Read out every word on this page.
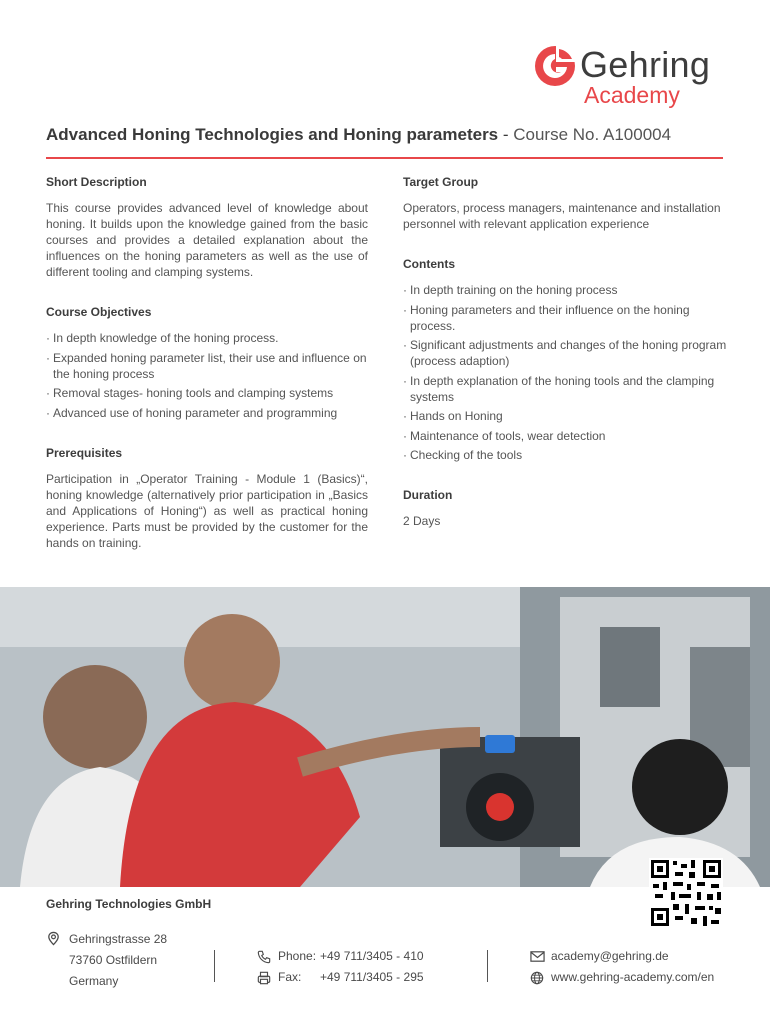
Gehring
Academy
Advanced Honing Technologies and Honing parameters - Course No. A100004
Short Description

This course provides advanced level of knowledge about honing. It builds upon the knowledge gained from the basic courses and provides a detailed explanation about the influences on the honing parameters as well as the use of different tooling and clamping systems.

Course Objectives
· In depth knowledge of the honing process.
· Expanded honing parameter list, their use and influence on the honing process
· Removal stages- honing tools and clamping systems
· Advanced use of honing parameter and programming
Prerequisites

Participation in „Operator Training - Module 1 (Basics)“, honing knowledge (alternatively prior participation in „Basics and Applications of Honing“) as well as practical honing experience. Parts must be provided by the customer for the hands on training.

Target Group

Operators, process managers, maintenance and installation personnel with relevant application experience

Contents
· In depth training on the honing process
· Honing parameters and their influence on the honing process.
· Significant adjustments and changes of the honing program (process adaption)
· In depth explanation of the honing tools and the clamping systems
· Hands on Honing
· Maintenance of tools, wear detection
· Checking of the tools
Duration

2 Days

Gehring Technologies GmbH
Gehringstrasse 28
73760 Ostfildern
Germany
Phone: +49 711/3405 - 410
Fax: +49 711/3405 - 295
academy@gehring.de
www.gehring-academy.com/en
